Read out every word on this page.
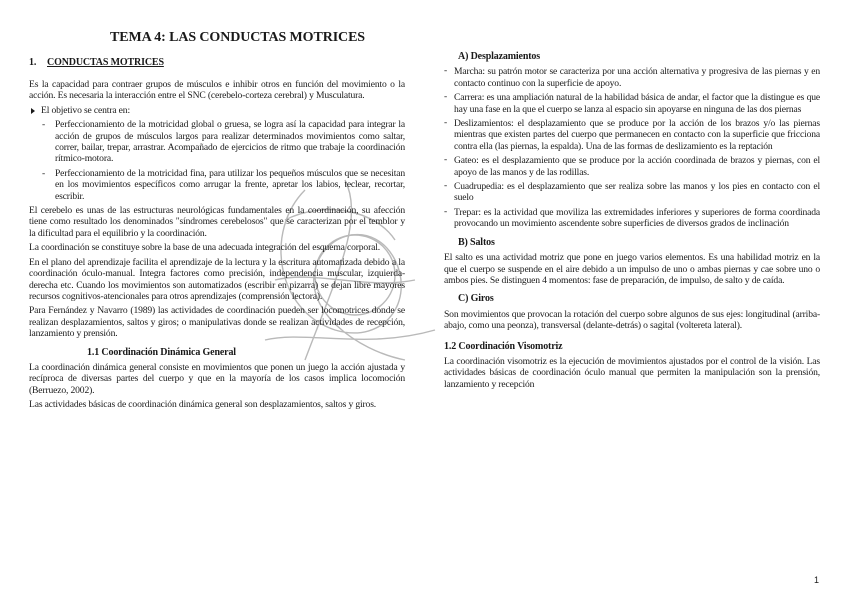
TEMA 4: LAS CONDUCTAS MOTRICES
1. CONDUCTAS MOTRICES

Es la capacidad para contraer grupos de músculos e inhibir otros en función del movimiento o la acción. Es necesaria la interacción entre el SNC (cerebelo-corteza cerebral) y Musculatura.

El objetivo se centra en:
- Perfeccionamiento de la motricidad global o gruesa, se logra así la capacidad para integrar la acción de grupos de músculos largos para realizar determinados movimientos como saltar, correr, bailar, trepar, arrastrar. Acompañado de ejercicios de ritmo que trabaje la coordinación rítmico-motora.
- Perfeccionamiento de la motricidad fina, para utilizar los pequeños músculos que se necesitan en los movimientos específicos como arrugar la frente, apretar los labios, teclear, recortar, escribir.

El cerebelo es unas de las estructuras neurológicas fundamentales en la coordinación, su afección tiene como resultado los denominados "síndromes cerebelosos" que se caracterizan por el temblor y la dificultad para el equilibrio y la coordinación.

La coordinación se constituye sobre la base de una adecuada integración del esquema corporal.

En el plano del aprendizaje facilita el aprendizaje de la lectura y la escritura automatizada debido a la coordinación óculo-manual. Integra factores como precisión, independencia muscular, izquierda-derecha etc. Cuando los movimientos son automatizados (escribir en pizarra) se dejan libre mayores recursos cognitivos-atencionales para otros aprendizajes (comprensión lectora).

Para Fernández y Navarro (1989) las actividades de coordinación pueden ser locomotrices donde se realizan desplazamientos, saltos y giros; o manipulativas donde se realizan actividades de recepción, lanzamiento y prensión.

1.1 Coordinación Dinámica General

La coordinación dinámica general consiste en movimientos que ponen un juego la acción ajustada y recíproca de diversas partes del cuerpo y que en la mayoría de los casos implica locomoción (Berruezo, 2002).

Las actividades básicas de coordinación dinámica general son desplazamientos, saltos y giros.

A) Desplazamientos
- Marcha: su patrón motor se caracteriza por una acción alternativa y progresiva de las piernas y en contacto continuo con la superficie de apoyo.
- Carrera: es una ampliación natural de la habilidad básica de andar, el factor que la distingue es que hay una fase en la que el cuerpo se lanza al espacio sin apoyarse en ninguna de las dos piernas
- Deslizamientos: el desplazamiento que se produce por la acción de los brazos y/o las piernas mientras que existen partes del cuerpo que permanecen en contacto con la superficie que fricciona contra ella (las piernas, la espalda). Una de las formas de deslizamiento es la reptación
- Gateo: es el desplazamiento que se produce por la acción coordinada de brazos y piernas, con el apoyo de las manos y de las rodillas.
- Cuadrupedia: es el desplazamiento que ser realiza sobre las manos y los pies en contacto con el suelo
- Trepar: es la actividad que moviliza las extremidades inferiores y superiores de forma coordinada provocando un movimiento ascendente sobre superficies de diversos grados de inclinación
B) Saltos

El salto es una actividad motriz que pone en juego varios elementos. Es una habilidad motriz en la que el cuerpo se suspende en el aire debido a un impulso de uno o ambas piernas y cae sobre uno o ambos pies. Se distinguen 4 momentos: fase de preparación, de impulso, de salto y de caída.

C) Giros

Son movimientos que provocan la rotación del cuerpo sobre algunos de sus ejes: longitudinal (arriba-abajo, como una peonza), transversal (delante-detrás) o sagital (voltereta lateral).

1.2 Coordinación Visomotriz

La coordinación visomotriz es la ejecución de movimientos ajustados por el control de la visión. Las actividades básicas de coordinación óculo manual que permiten la manipulación son la prensión, lanzamiento y recepción

1
